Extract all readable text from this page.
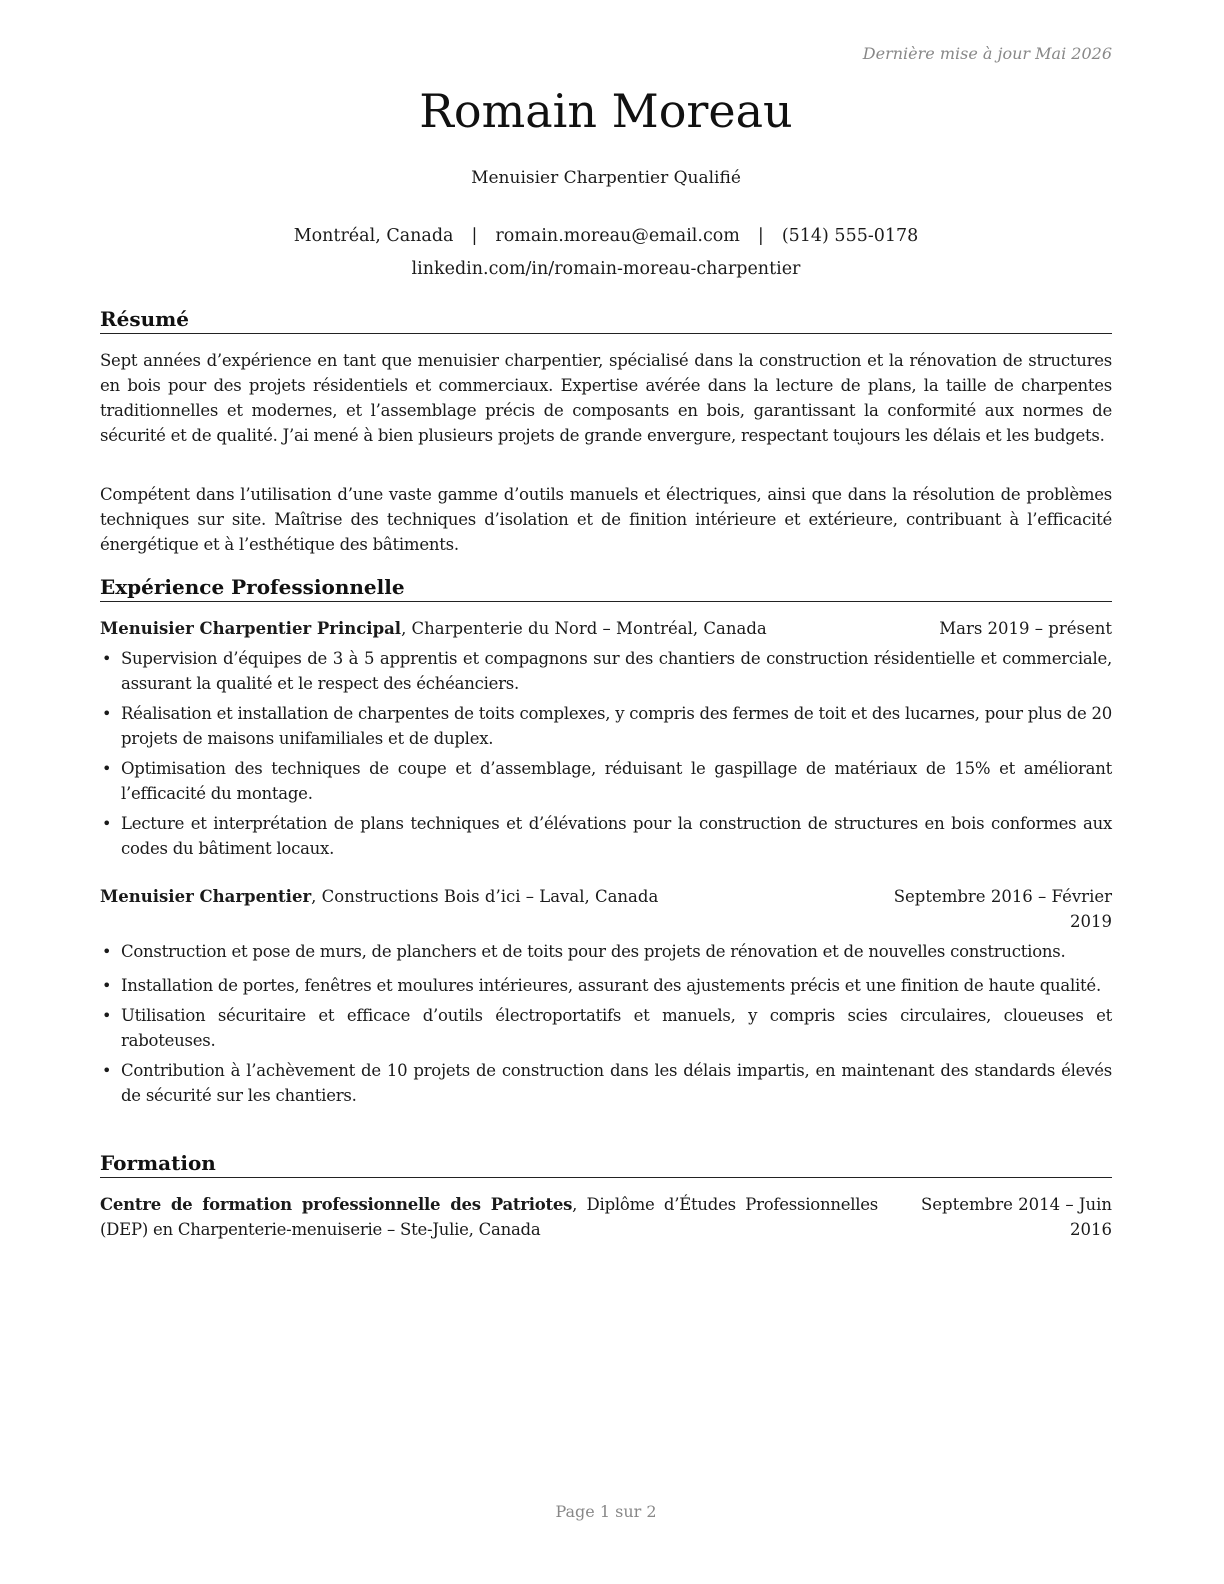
Dernière mise à jour Mai 2026
Romain Moreau
Menuisier Charpentier Qualifié
Montréal, Canada | romain.moreau@email.com | (514) 555-0178
linkedin.com/in/romain-moreau-charpentier
Résumé

Sept années d’expérience en tant que menuisier charpentier, spécialisé dans la construction et la rénovation de structures en bois pour des projets résidentiels et commerciaux. Expertise avérée dans la lecture de plans, la taille de charpentes traditionnelles et modernes, et l’assemblage précis de composants en bois, garantissant la conformité aux normes de sécurité et de qualité. J’ai mené à bien plusieurs projets de grande envergure, respectant toujours les délais et les budgets.

Compétent dans l’utilisation d’une vaste gamme d’outils manuels et électriques, ainsi que dans la résolution de problèmes techniques sur site. Maîtrise des techniques d’isolation et de finition intérieure et extérieure, contribuant à l’efficacité énergétique et à l’esthétique des bâtiments.

Expérience Professionnelle
Menuisier Charpentier Principal, Charpenterie du Nord – Montréal, Canada	Mars 2019 – présent
• Supervision d’équipes de 3 à 5 apprentis et compagnons sur des chantiers de construction résidentielle et commerciale, assurant la qualité et le respect des échéanciers.
• Réalisation et installation de charpentes de toits complexes, y compris des fermes de toit et des lucarnes, pour plus de 20 projets de maisons unifamiliales et de duplex.
• Optimisation des techniques de coupe et d’assemblage, réduisant le gaspillage de matériaux de 15% et améliorant l’efficacité du montage.
• Lecture et interprétation de plans techniques et d’élévations pour la construction de structures en bois conformes aux codes du bâtiment locaux.
Menuisier Charpentier, Constructions Bois d’ici – Laval, Canada	Septembre 2016 – Février
2019
• Construction et pose de murs, de planchers et de toits pour des projets de rénovation et de nouvelles constructions.
• Installation de portes, fenêtres et moulures intérieures, assurant des ajustements précis et une finition de haute qualité.
• Utilisation sécuritaire et efficace d’outils électroportatifs et manuels, y compris scies circulaires, cloueuses et raboteuses.
• Contribution à l’achèvement de 10 projets de construction dans les délais impartis, en maintenant des standards élevés de sécurité sur les chantiers.
Formation
Centre de formation professionnelle des Patriotes, Diplôme d’Études Professionnelles (DEP) en Charpenterie-menuiserie – Ste-Julie, Canada
Septembre 2014 – Juin
2016
Page 1 sur 2
